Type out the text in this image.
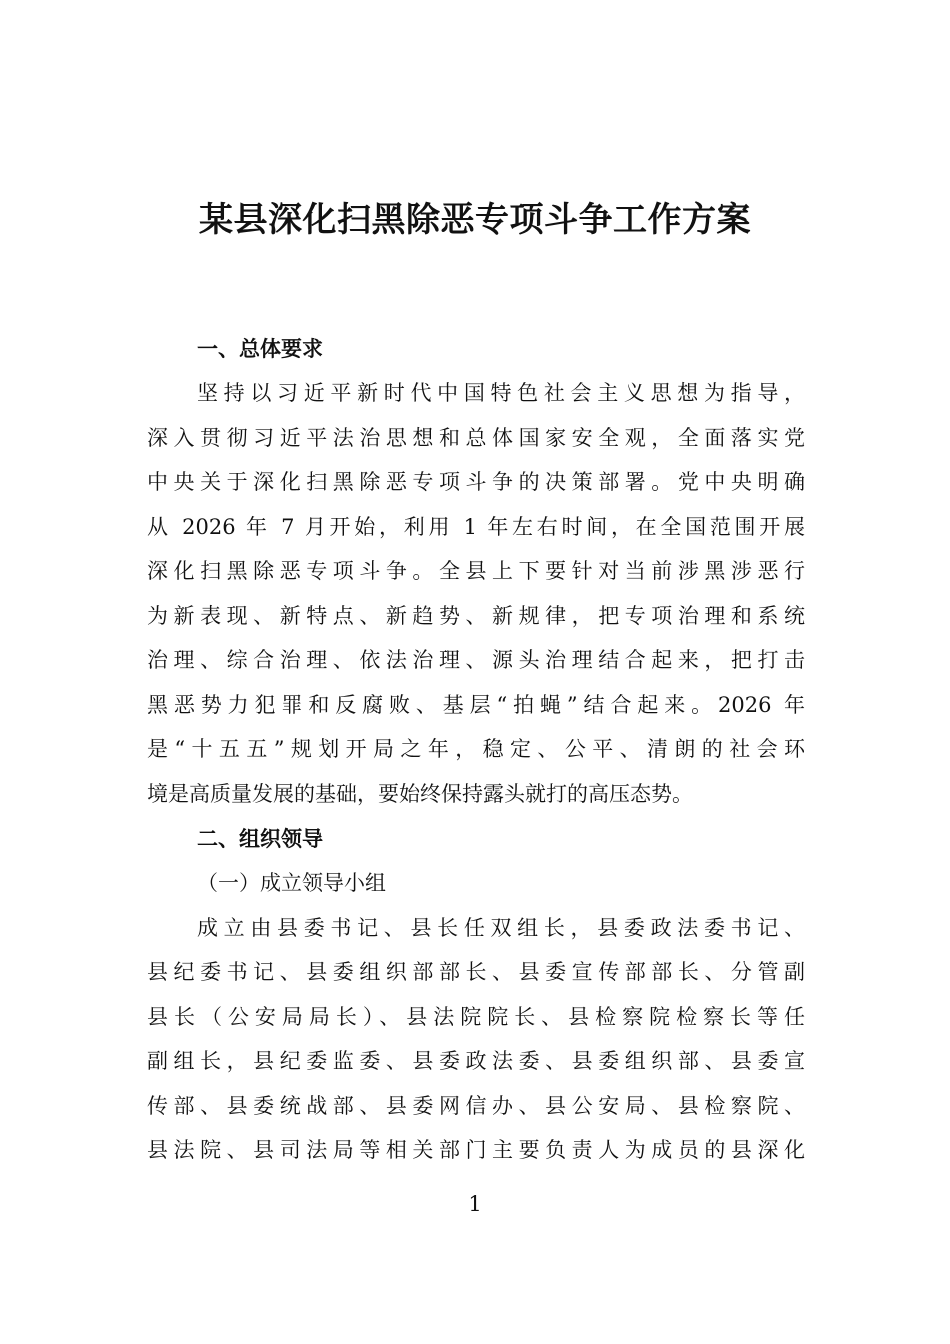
某县深化扫黑除恶专项斗争工作方案
一、总体要求
坚持以习近平新时代中国特色社会主义思想为指导，
深入贯彻习近平法治思想和总体国家安全观，全面落实党
中央关于深化扫黑除恶专项斗争的决策部署。党中央明确
从 2026 年 7 月开始，利用 1 年左右时间，在全国范围开展
深化扫黑除恶专项斗争。全县上下要针对当前涉黑涉恶行
为新表现、新特点、新趋势、新规律，把专项治理和系统
治理、综合治理、依法治理、源头治理结合起来，把打击
黑恶势力犯罪和反腐败、基层“拍蝇”结合起来。2026 年
是“十五五”规划开局之年，稳定、公平、清朗的社会环
境是高质量发展的基础，要始终保持露头就打的高压态势。
二、组织领导
（一）成立领导小组
成立由县委书记、县长任双组长，县委政法委书记、
县纪委书记、县委组织部部长、县委宣传部部长、分管副
县长（公安局局长）、县法院院长、县检察院检察长等任
副组长，县纪委监委、县委政法委、县委组织部、县委宣
传部、县委统战部、县委网信办、县公安局、县检察院、
县法院、县司法局等相关部门主要负责人为成员的县深化
1
